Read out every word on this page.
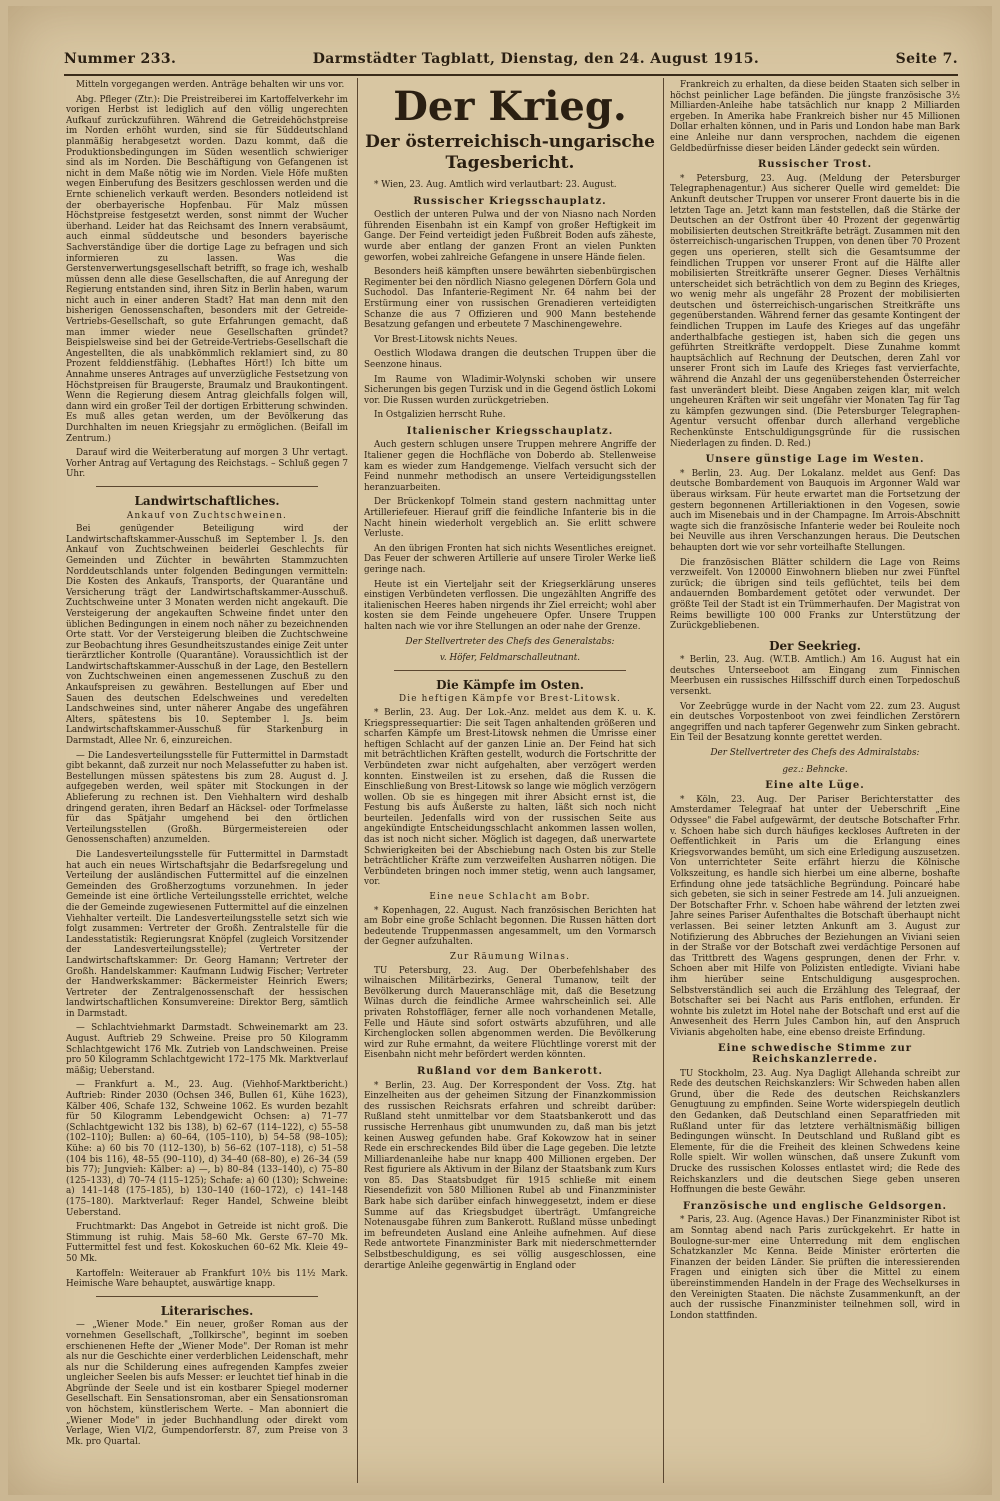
Nummer 233.	Darmstädter Tagblatt, Dienstag, den 24. August 1915.	Seite 7.

Mitteln vorgegangen werden. Anträge behalten wir uns vor.

Abg. Pfleger (Ztr.): Die Preistreiberei im Kartoffelverkehr im vorigen Herbst ist lediglich auf den völlig ungerechten Aufkauf zurückzuführen. Während die Getreidehöchstpreise im Norden erhöht wurden, sind sie für Süddeutschland planmäßig herabgesetzt worden. Dazu kommt, daß die Produktionsbedingungen im Süden wesentlich schwieriger sind als im Norden. Die Beschäftigung von Gefangenen ist nicht in dem Maße nötig wie im Norden. Viele Höfe mußten wegen Einberufung des Besitzers geschlossen werden und die Ernte schienelich verkauft werden. Besonders notleidend ist der oberbayerische Hopfenbau. Für Malz müssen Höchstpreise festgesetzt werden, sonst nimmt der Wucher überhand. Leider hat das Reichsamt des Innern verabsäumt, auch einmal süddeutsche und besonders bayerische Sachverständige über die dortige Lage zu befragen und sich informieren zu lassen. Was die Gerstenverwertungsgesellschaft betrifft, so frage ich, weshalb müssen denn alle diese Gesellschaften, die auf Anregung der Regierung entstanden sind, ihren Sitz in Berlin haben, warum nicht auch in einer anderen Stadt? Hat man denn mit den bisherigen Genossenschaften, besonders mit der Getreide-Vertriebs-Gesellschaft, so gute Erfahrungen gemacht, daß man immer wieder neue Gesellschaften gründet? Beispielsweise sind bei der Getreide-Vertriebs-Gesellschaft die Angestellten, die als unabkömmlich reklamiert sind, zu 80 Prozent felddienstfähig. (Lebhaftes Hört!) Ich bitte um Annahme unseres Antrages auf unverzügliche Festsetzung von Höchstpreisen für Braugerste, Braumalz und Braukontingent. Wenn die Regierung diesem Antrag gleichfalls folgen will, dann wird ein großer Teil der dortigen Erbitterung schwinden. Es muß alles getan werden, um der Bevölkerung das Durchhalten im neuen Kriegsjahr zu ermöglichen. (Beifall im Zentrum.)

Darauf wird die Weiterberatung auf morgen 3 Uhr vertagt. Vorher Antrag auf Vertagung des Reichstags. – Schluß gegen 7 Uhr.

Landwirtschaftliches.
Ankauf von Zuchtschweinen.

Bei genügender Beteiligung wird der Landwirtschaftskammer-Ausschuß im September l. Js. den Ankauf von Zuchtschweinen beiderlei Geschlechts für Gemeinden und Züchter in bewährten Stammzuchten Norddeutschlands unter folgenden Bedingungen vermitteln: Die Kosten des Ankaufs, Transports, der Quarantäne und Versicherung trägt der Landwirtschaftskammer-Ausschuß. Zuchtschweine unter 3 Monaten werden nicht angekauft. Die Versteigerung der angekauften Schweine findet unter den üblichen Bedingungen in einem noch näher zu bezeichnenden Orte statt. Vor der Versteigerung bleiben die Zuchtschweine zur Beobachtung ihres Gesundheitszustandes einige Zeit unter tierärztlicher Kontrolle (Quarantäne). Voraussichtlich ist der Landwirtschaftskammer-Ausschuß in der Lage, den Bestellern von Zuchtschweinen einen angemessenen Zuschuß zu den Ankaufspreisen zu gewähren. Bestellungen auf Eber und Sauen des deutschen Edelschweines und veredelten Landschweines sind, unter näherer Angabe des ungefähren Alters, spätestens bis 10. September l. Js. beim Landwirtschaftskammer-Ausschuß für Starkenburg in Darmstadt, Allee Nr. 6, einzureichen.

— Die Landesverteilungsstelle für Futtermittel in Darmstadt gibt bekannt, daß zurzeit nur noch Melassefutter zu haben ist. Bestellungen müssen spätestens bis zum 28. August d. J. aufgegeben werden, weil später mit Stockungen in der Ablieferung zu rechnen ist. Den Viehhaltern wird deshalb dringend geraten, ihren Bedarf an Häcksel- oder Torfmelasse für das Spätjahr umgehend bei den örtlichen Verteilungsstellen (Großh. Bürgermeistereien oder Genossenschaften) anzumelden.

Die Landesverteilungsstelle für Futtermittel in Darmstadt hat auch ein neues Wirtschaftsjahr die Bedarfsregelung und Verteilung der ausländischen Futtermittel auf die einzelnen Gemeinden des Großherzogtums vorzunehmen. In jeder Gemeinde ist eine örtliche Verteilungsstelle errichtet, welche die der Gemeinde zugewiesenen Futtermittel auf die einzelnen Viehhalter verteilt. Die Landesverteilungsstelle setzt sich wie folgt zusammen: Vertreter der Großh. Zentralstelle für die Landesstatistik: Regierungsrat Knöpfel (zugleich Vorsitzender der Landesverteilungsstelle); Vertreter der Landwirtschaftskammer: Dr. Georg Hamann; Vertreter der Großh. Handelskammer: Kaufmann Ludwig Fischer; Vertreter der Handwerkskammer: Bäckermeister Heinrich Ewers; Vertreter der Zentralgenossenschaft der hessischen landwirtschaftlichen Konsumvereine: Direktor Berg, sämtlich in Darmstadt.

— Schlachtviehmarkt Darmstadt. Schweinemarkt am 23. August. Auftrieb 29 Schweine. Preise pro 50 Kilogramm Schlachtgewicht 176 Mk. Zutrieb von Landschweinen. Preise pro 50 Kilogramm Schlachtgewicht 172–175 Mk. Marktverlauf mäßig; Ueberstand.

— Frankfurt a. M., 23. Aug. (Viehhof-Marktbericht.) Auftrieb: Rinder 2030 (Ochsen 346, Bullen 61, Kühe 1623), Kälber 406, Schafe 132, Schweine 1062. Es wurden bezahlt für 50 Kilogramm Lebendgewicht Ochsen: a) 71–77 (Schlachtgewicht 132 bis 138), b) 62–67 (114–122), c) 55–58 (102–110); Bullen: a) 60–64, (105–110), b) 54–58 (98–105); Kühe: a) 60 bis 70 (112–130), b) 56–62 (107–118), c) 51–58 (104 bis 116), 48–55 (90–110), d) 34–40 (68–80), e) 26–34 (59 bis 77); Jungvieh: Kälber: a) —, b) 80–84 (133–140), c) 75–80 (125–133), d) 70–74 (115–125); Schafe: a) 60 (130); Schweine: a) 141–148 (175–185), b) 130–140 (160–172), c) 141–148 (175–180). Marktverlauf: Reger Handel, Schweine bleibt Ueberstand.

Fruchtmarkt: Das Angebot in Getreide ist nicht groß. Die Stimmung ist ruhig. Mais 58–60 Mk. Gerste 67–70 Mk. Futtermittel fest und fest. Kokoskuchen 60–62 Mk. Kleie 49–50 Mk.

Kartoffeln: Weiterauer ab Frankfurt 10½ bis 11½ Mark. Heimische Ware behauptet, auswärtige knapp.

Literarisches.

— „Wiener Mode." Ein neuer, großer Roman aus der vornehmen Gesellschaft, „Tollkirsche", beginnt im soeben erschienenen Hefte der „Wiener Mode". Der Roman ist mehr als nur die Geschichte einer verderblichen Leidenschaft, mehr als nur die Schilderung eines aufregenden Kampfes zweier ungleicher Seelen bis aufs Messer: er leuchtet tief hinab in die Abgründe der Seele und ist ein kostbarer Spiegel moderner Gesellschaft. Ein Sensationsroman, aber ein Sensationsroman von höchstem, künstlerischem Werte. – Man abonniert die „Wiener Mode" in jeder Buchhandlung oder direkt vom Verlage, Wien VI/2, Gumpendorferstr. 87, zum Preise von 3 Mk. pro Quartal.

Der Krieg.
Der österreichisch-ungarische Tagesbericht.

* Wien, 23. Aug. Amtlich wird verlautbart: 23. August.

Russischer Kriegsschauplatz.

Oestlich der unteren Pulwa und der von Niasno nach Norden führenden Eisenbahn ist ein Kampf von großer Heftigkeit im Gange. Der Feind verteidigt jeden Fußbreit Boden aufs zäheste, wurde aber entlang der ganzen Front an vielen Punkten geworfen, wobei zahlreiche Gefangene in unsere Hände fielen.

Besonders heiß kämpften unsere bewährten siebenbürgischen Regimenter bei den nördlich Niasno gelegenen Dörfern Gola und Suchodol. Das Infanterie-Regiment Nr. 64 nahm bei der Erstürmung einer von russischen Grenadieren verteidigten Schanze die aus 7 Offizieren und 900 Mann bestehende Besatzung gefangen und erbeutete 7 Maschinengewehre.

Vor Brest-Litowsk nichts Neues.

Oestlich Wlodawa drangen die deutschen Truppen über die Seenzone hinaus.

Im Raume von Wladimir-Wolynski schoben wir unsere Sicherungen bis gegen Turzisk und in die Gegend östlich Lokomi vor. Die Russen wurden zurückgetrieben.

In Ostgalizien herrscht Ruhe.

Italienischer Kriegsschauplatz.

Auch gestern schlugen unsere Truppen mehrere Angriffe der Italiener gegen die Hochfläche von Doberdo ab. Stellenweise kam es wieder zum Handgemenge. Vielfach versucht sich der Feind nunmehr methodisch an unsere Verteidigungsstellen heranzuarbeiten.

Der Brückenkopf Tolmein stand gestern nachmittag unter Artilleriefeuer. Hierauf griff die feindliche Infanterie bis in die Nacht hinein wiederholt vergeblich an. Sie erlitt schwere Verluste.

An den übrigen Fronten hat sich nichts Wesentliches ereignet. Das Feuer der schweren Artillerie auf unsere Tiroler Werke ließ geringe nach.

Heute ist ein Vierteljahr seit der Kriegserklärung unseres einstigen Verbündeten verflossen. Die ungezählten Angriffe des italienischen Heeres haben nirgends ihr Ziel erreicht; wohl aber kosten sie dem Feinde ungeheuere Opfer. Unsere Truppen halten nach wie vor ihre Stellungen an oder nahe der Grenze.

Der Stellvertreter des Chefs des Generalstabs:
v. Höfer, Feldmarschalleutnant.
Die Kämpfe im Osten.
Die heftigen Kämpfe vor Brest-Litowsk.

* Berlin, 23. Aug. Der Lok.-Anz. meldet aus dem K. u. K. Kriegspressequartier: Die seit Tagen anhaltenden größeren und scharfen Kämpfe um Brest-Litowsk nehmen die Umrisse einer heftigen Schlacht auf der ganzen Linie an. Der Feind hat sich mit beträchtlichen Kräften gestellt, wodurch die Fortschritte der Verbündeten zwar nicht aufgehalten, aber verzögert werden konnten. Einstweilen ist zu ersehen, daß die Russen die Einschließung von Brest-Litowsk so lange wie möglich verzögern wollen. Ob sie es hingegen mit ihrer Absicht ernst ist, die Festung bis aufs Äußerste zu halten, läßt sich noch nicht beurteilen. Jedenfalls wird von der russischen Seite aus angekündigte Entscheidungsschlacht ankommen lassen wollen, das ist noch nicht sicher. Möglich ist dagegen, daß unerwartete Schwierigkeiten bei der Abschiebung nach Osten bis zur Stelle beträchtlicher Kräfte zum verzweifelten Ausharren nötigen. Die Verbündeten bringen noch immer stetig, wenn auch langsamer, vor.

Eine neue Schlacht am Bobr.

* Kopenhagen, 22. August. Nach französischen Berichten hat am Bobr eine große Schlacht begonnen. Die Russen hätten dort bedeutende Truppenmassen angesammelt, um den Vormarsch der Gegner aufzuhalten.

Zur Räumung Wilnas.

TU Petersburg, 23. Aug. Der Oberbefehlshaber des wilnaischen Militärbezirks, General Tumanow, teilt der Bevölkerung durch Maueranschläge mit, daß die Besetzung Wilnas durch die feindliche Armee wahrscheinlich sei. Alle privaten Rohstoffläger, ferner alle noch vorhandenen Metalle, Felle und Häute sind sofort ostwärts abzuführen, und alle Kirchenglocken sollen abgenommen werden. Die Bevölkerung wird zur Ruhe ermahnt, da weitere Flüchtlinge vorerst mit der Eisenbahn nicht mehr befördert werden könnten.

Rußland vor dem Bankerott.

* Berlin, 23. Aug. Der Korrespondent der Voss. Ztg. hat Einzelheiten aus der geheimen Sitzung der Finanzkommission des russischen Reichsrats erfahren und schreibt darüber: Rußland steht unmittelbar vor dem Staatsbankerott und das russische Herrenhaus gibt unumwunden zu, daß man bis jetzt keinen Ausweg gefunden habe. Graf Kokowzow hat in seiner Rede ein erschreckendes Bild über die Lage gegeben. Die letzte Milliardenanleihe habe nur knapp 400 Millionen ergeben. Der Rest figuriere als Aktivum in der Bilanz der Staatsbank zum Kurs von 85. Das Staatsbudget für 1915 schließe mit einem Riesendefizit von 580 Millionen Rubel ab und Finanzminister Bark habe sich darüber einfach hinweggesetzt, indem er diese Summe auf das Kriegsbudget überträgt. Umfangreiche Notenausgabe führen zum Bankerott. Rußland müsse unbedingt im befreundeten Ausland eine Anleihe aufnehmen. Auf diese Rede antwortete Finanzminister Bark mit niederschmetternder Selbstbeschuldigung, es sei völlig ausgeschlossen, eine derartige Anleihe gegenwärtig in England oder

Frankreich zu erhalten, da diese beiden Staaten sich selber in höchst peinlicher Lage befänden. Die jüngste französische 3½ Milliarden-Anleihe habe tatsächlich nur knapp 2 Milliarden ergeben. In Amerika habe Frankreich bisher nur 45 Millionen Dollar erhalten können, und in Paris und London habe man Bark eine Anleihe nur dann versprochen, nachdem die eigenen Geldbedürfnisse dieser beiden Länder gedeckt sein würden.

Russischer Trost.

* Petersburg, 23. Aug. (Meldung der Petersburger Telegraphenagentur.) Aus sicherer Quelle wird gemeldet: Die Ankunft deutscher Truppen vor unserer Front dauerte bis in die letzten Tage an. Jetzt kann man feststellen, daß die Stärke der Deutschen an der Ostfront über 40 Prozent der gegenwärtig mobilisierten deutschen Streitkräfte beträgt. Zusammen mit den österreichisch-ungarischen Truppen, von denen über 70 Prozent gegen uns operieren, stellt sich die Gesamtsumme der feindlichen Truppen vor unserer Front auf die Hälfte aller mobilisierten Streitkräfte unserer Gegner. Dieses Verhältnis unterscheidet sich beträchtlich von dem zu Beginn des Krieges, wo wenig mehr als ungefähr 28 Prozent der mobilisierten deutschen und österreichisch-ungarischen Streitkräfte uns gegenüberstanden. Während ferner das gesamte Kontingent der feindlichen Truppen im Laufe des Krieges auf das ungefähr anderthalbfache gestiegen ist, haben sich die gegen uns geführten Streitkräfte verdoppelt. Diese Zunahme kommt hauptsächlich auf Rechnung der Deutschen, deren Zahl vor unserer Front sich im Laufe des Krieges fast vervierfachte, während die Anzahl der uns gegenüberstehenden Österreicher fast unverändert bleibt. Diese Angaben zeigen klar, mit welch ungeheuren Kräften wir seit ungefähr vier Monaten Tag für Tag zu kämpfen gezwungen sind. (Die Petersburger Telegraphen-Agentur versucht offenbar durch allerhand vergebliche Rechenkünste Entschuldigungsgründe für die russischen Niederlagen zu finden. D. Red.)

Unsere günstige Lage im Westen.

* Berlin, 23. Aug. Der Lokalanz. meldet aus Genf: Das deutsche Bombardement von Bauquois im Argonner Wald war überaus wirksam. Für heute erwartet man die Fortsetzung der gestern begonnenen Artilleriaktionen in den Vogesen, sowie auch im Misenebais und in der Champagne. Im Arrois-Abschnitt wagte sich die französische Infanterie weder bei Rouleite noch bei Neuville aus ihren Verschanzungen heraus. Die Deutschen behaupten dort wie vor sehr vorteilhafte Stellungen.

Die französischen Blätter schildern die Lage von Reims verzweifelt. Von 120000 Einwohnern blieben nur zwei Fünftel zurück; die übrigen sind teils geflüchtet, teils bei dem andauernden Bombardement getötet oder verwundet. Der größte Teil der Stadt ist ein Trümmerhaufen. Der Magistrat von Reims bewilligte 100 000 Franks zur Unterstützung der Zurückgebliebenen.

Der Seekrieg.

* Berlin, 23. Aug. (W.T.B. Amtlich.) Am 16. August hat ein deutsches Unterseeboot am Eingang zum Finnischen Meerbusen ein russisches Hilfsschiff durch einen Torpedoschuß versenkt.

Vor Zeebrügge wurde in der Nacht vom 22. zum 23. August ein deutsches Vorpostenboot von zwei feindlichen Zerstörern angegriffen und nach tapferer Gegenwehr zum Sinken gebracht. Ein Teil der Besatzung konnte gerettet werden.

Der Stellvertreter des Chefs des Admiralstabs:
gez.: Behncke.
Eine alte Lüge.

* Köln, 23. Aug. Der Pariser Berichterstatter des Amsterdamer Telegraaf hat unter der Ueberschrift „Eine Odyssee" die Fabel aufgewärmt, der deutsche Botschafter Frhr. v. Schoen habe sich durch häufiges keckloses Auftreten in der Oeffentlichkeit in Paris um die Erlangung eines Kriegsvorwandes bemüht, um sich eine Erledigung auszusetzen. Von unterrichteter Seite erfährt hierzu die Kölnische Volkszeitung, es handle sich hierbei um eine alberne, boshafte Erfindung ohne jede tatsächliche Begründung. Poincaré habe sich gebeten, sie sich in seiner Festrede am 14. Juli anzueignen. Der Botschafter Frhr. v. Schoen habe während der letzten zwei Jahre seines Pariser Aufenthaltes die Botschaft überhaupt nicht verlassen. Bei seiner letzten Ankunft am 3. August zur Notifizierung des Abbruches der Beziehungen an Viviani seien in der Straße vor der Botschaft zwei verdächtige Personen auf das Trittbrett des Wagens gesprungen, denen der Frhr. v. Schoen aber mit Hilfe von Polizisten entledigte. Viviani habe ihm hierüber seine Entschuldigung ausgesprochen. Selbstverständlich sei auch die Erzählung des Telegraaf, der Botschafter sei bei Nacht aus Paris entflohen, erfunden. Er wohnte bis zuletzt im Hotel nahe der Botschaft und erst auf die Anwesenheit des Herrn Jules Cambon hin, auf den Anspruch Vivianis abgeholten habe, eine ebenso dreiste Erfindung.

Eine schwedische Stimme zur Reichskanzlerrede.

TU Stockholm, 23. Aug. Nya Dagligt Allehanda schreibt zur Rede des deutschen Reichskanzlers: Wir Schweden haben allen Grund, über die Rede des deutschen Reichskanzlers Genugtuung zu empfinden. Seine Worte widerspiegeln deutlich den Gedanken, daß Deutschland einen Separatfrieden mit Rußland unter für das letztere verhältnismäßig billigen Bedingungen wünscht. In Deutschland und Rußland gibt es Elemente, für die die Freiheit des kleinen Schwedens keine Rolle spielt. Wir wollen wünschen, daß unsere Zukunft vom Drucke des russischen Kolosses entlastet wird; die Rede des Reichskanzlers und die deutschen Siege geben unseren Hoffnungen die beste Gewähr.

Französische und englische Geldsorgen.

* Paris, 23. Aug. (Agence Havas.) Der Finanzminister Ribot ist am Sonntag abend nach Paris zurückgekehrt. Er hatte in Boulogne-sur-mer eine Unterredung mit dem englischen Schatzkanzler Mc Kenna. Beide Minister erörterten die Finanzen der beiden Länder. Sie prüften die interessierenden Fragen und einigten sich über die Mittel zu einem übereinstimmenden Handeln in der Frage des Wechselkurses in den Vereinigten Staaten. Die nächste Zusammenkunft, an der auch der russische Finanzminister teilnehmen soll, wird in London stattfinden.
